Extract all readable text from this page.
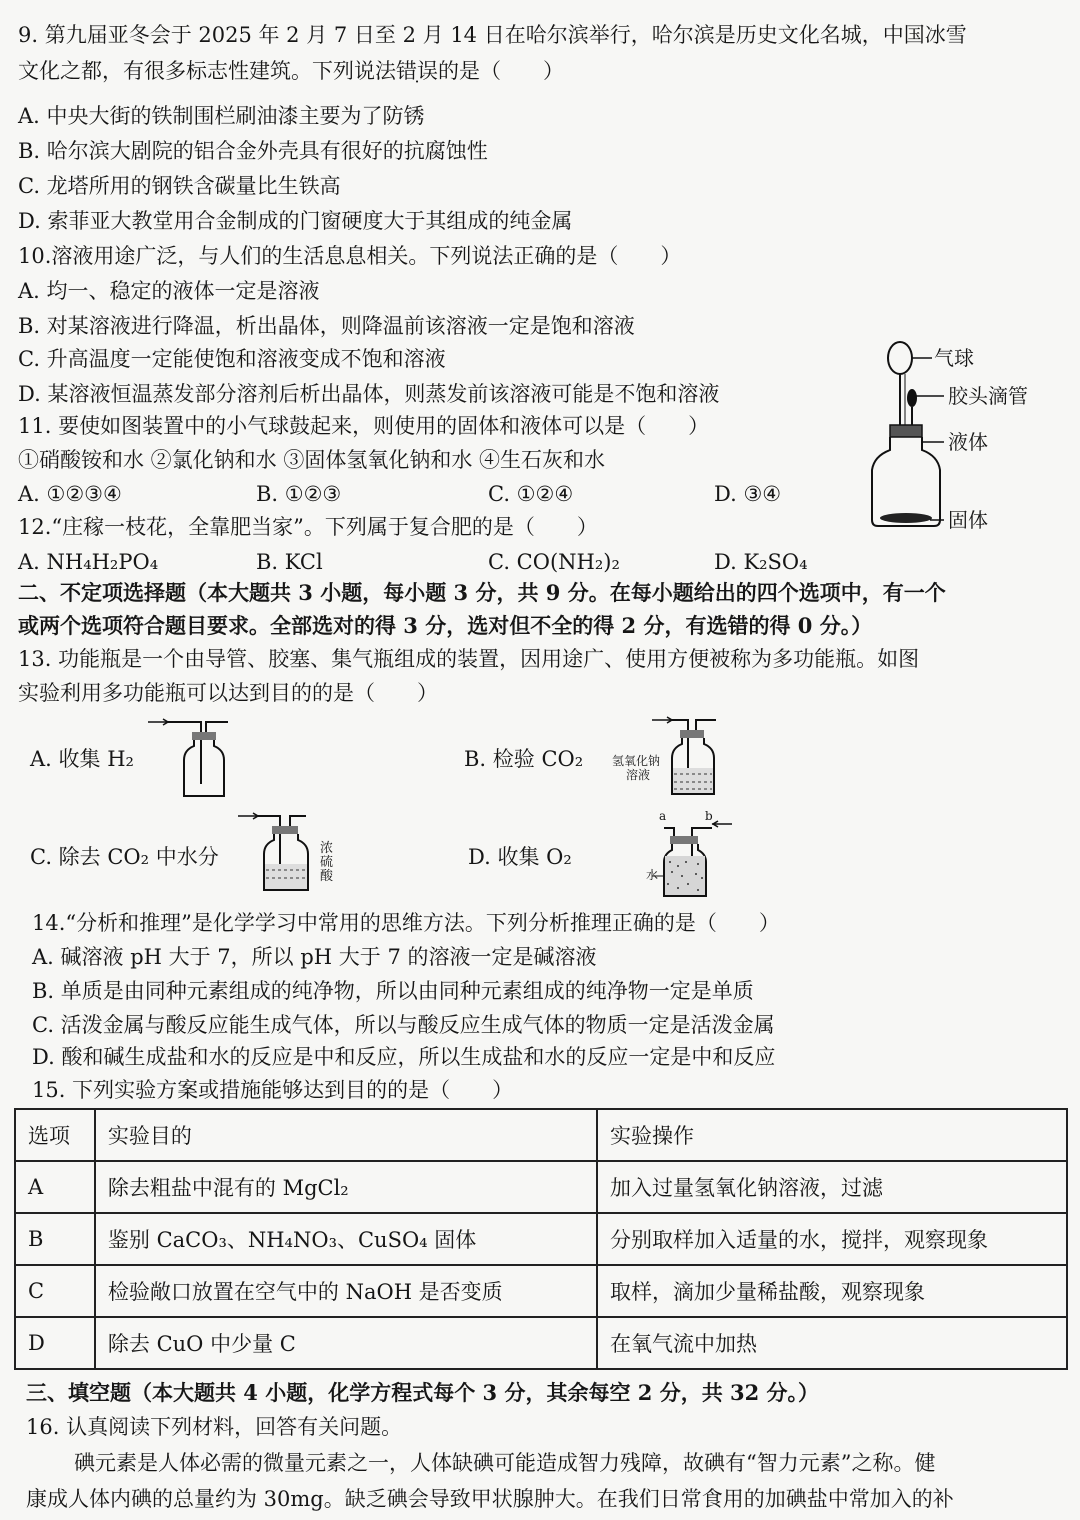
9. 第九届亚冬会于 2025 年 2 月 7 日至 2 月 14 日在哈尔滨举行，哈尔滨是历史文化名城，中国冰雪
文化之都，有很多标志性建筑。下列说法错误的是（　　）
A. 中央大街的铁制围栏刷油漆主要为了防锈
B. 哈尔滨大剧院的铝合金外壳具有很好的抗腐蚀性
C. 龙塔所用的钢铁含碳量比生铁高
D. 索菲亚大教堂用合金制成的门窗硬度大于其组成的纯金属
10.溶液用途广泛，与人们的生活息息相关。下列说法正确的是（　　）
A. 均一、稳定的液体一定是溶液
B. 对某溶液进行降温，析出晶体，则降温前该溶液一定是饱和溶液
C. 升高温度一定能使饱和溶液变成不饱和溶液
D. 某溶液恒温蒸发部分溶剂后析出晶体，则蒸发前该溶液可能是不饱和溶液
11. 要使如图装置中的小气球鼓起来，则使用的固体和液体可以是（　　）
①硝酸铵和水 ②氯化钠和水 ③固体氢氧化钠和水 ④生石灰和水
A. ①②③④	B. ①②③	C. ①②④	D. ③④
气球
胶头滴管
液体
固体
12.“庄稼一枝花，全靠肥当家”。下列属于复合肥的是（　　）
A. NH₄H₂PO₄	B. KCl	C. CO(NH₂)₂	D. K₂SO₄
二、不定项选择题（本大题共 3 小题，每小题 3 分，共 9 分。在每小题给出的四个选项中，有一个
或两个选项符合题目要求。全部选对的得 3 分，选对但不全的得 2 分，有选错的得 0 分。）
13. 功能瓶是一个由导管、胶塞、集气瓶组成的装置，因用途广、使用方便被称为多功能瓶。如图
实验利用多功能瓶可以达到目的的是（　　）
A. 收集 H₂	B. 检验 CO₂ 氢氧化钠
溶液
C. 除去 CO₂ 中水分	浓硫酸
D. 收集 O₂
a	b
水
14.“分析和推理”是化学学习中常用的思维方法。下列分析推理正确的是（　　）
A. 碱溶液 pH 大于 7，所以 pH 大于 7 的溶液一定是碱溶液
B. 单质是由同种元素组成的纯净物，所以由同种元素组成的纯净物一定是单质
C. 活泼金属与酸反应能生成气体，所以与酸反应生成气体的物质一定是活泼金属
D. 酸和碱生成盐和水的反应是中和反应，所以生成盐和水的反应一定是中和反应
15. 下列实验方案或措施能够达到目的的是（　　）
选项	实验目的	实验操作
A	除去粗盐中混有的 MgCl₂	加入过量氢氧化钠溶液，过滤
B	鉴别 CaCO₃、NH₄NO₃、CuSO₄ 固体	分别取样加入适量的水，搅拌，观察现象
C	检验敞口放置在空气中的 NaOH 是否变质	取样，滴加少量稀盐酸，观察现象
D	除去 CuO 中少量 C	在氧气流中加热
三、填空题（本大题共 4 小题，化学方程式每个 3 分，其余每空 2 分，共 32 分。）
16. 认真阅读下列材料，回答有关问题。
碘元素是人体必需的微量元素之一，人体缺碘可能造成智力残障，故碘有“智力元素”之称。健
康成人体内碘的总量约为 30mg。缺乏碘会导致甲状腺肿大。在我们日常食用的加碘盐中常加入的补
